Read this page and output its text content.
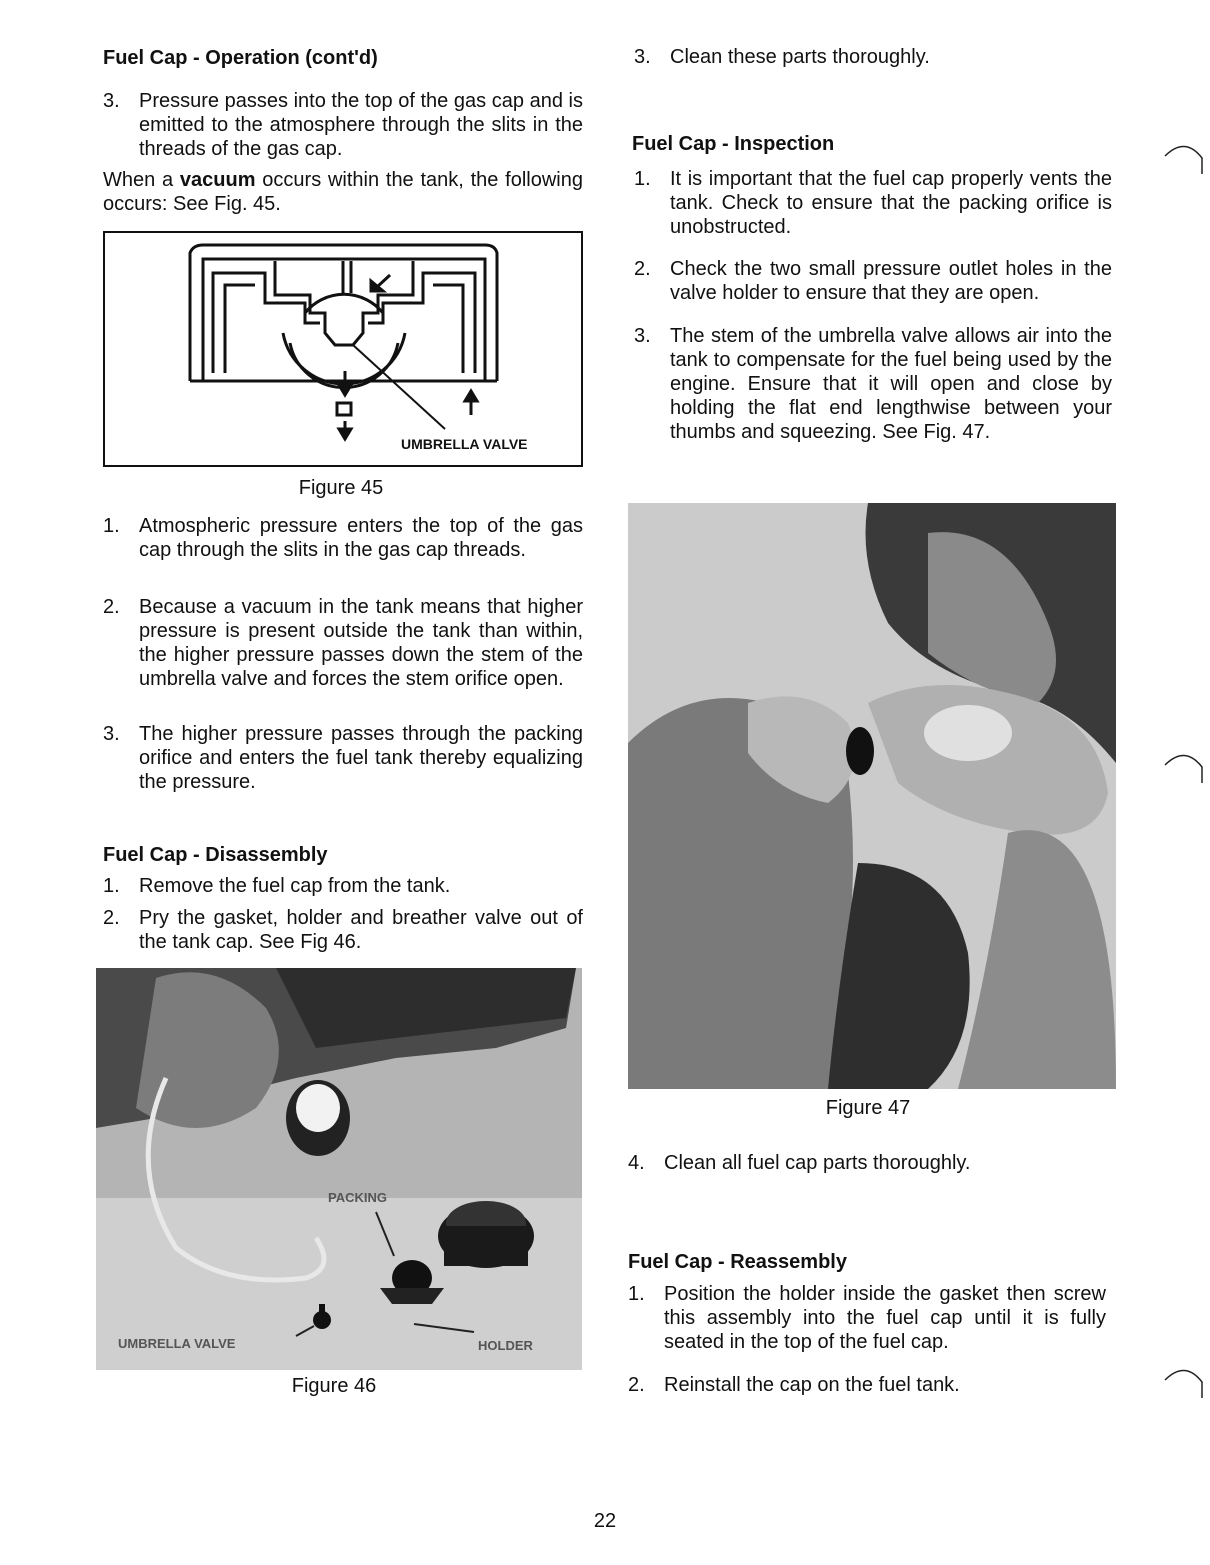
Fuel Cap - Operation (cont'd)
3. Pressure passes into the top of the gas cap and is emitted to the atmosphere through the slits in the threads of the gas cap.

When a vacuum occurs within the tank, the following occurs: See Fig. 45.

UMBRELLA VALVE
Figure 45
1. Atmospheric pressure enters the top of the gas cap through the slits in the gas cap threads.
2. Because a vacuum in the tank means that higher pressure is present outside the tank than within, the higher pressure passes down the stem of the umbrella valve and forces the stem orifice open.
3. The higher pressure passes through the packing orifice and enters the fuel tank thereby equalizing the pressure.
Fuel Cap - Disassembly
1. Remove the fuel cap from the tank.
2. Pry the gasket, holder and breather valve out of the tank cap. See Fig 46.
PACKING
UMBRELLA VALVE	HOLDER
Figure 46
3. Clean these parts thoroughly.
Fuel Cap - Inspection
1. It is important that the fuel cap properly vents the tank. Check to ensure that the packing orifice is unobstructed.
2. Check the two small pressure outlet holes in the valve holder to ensure that they are open.
3. The stem of the umbrella valve allows air into the tank to compensate for the fuel being used by the engine. Ensure that it will open and close by holding the flat end lengthwise between your thumbs and squeezing. See Fig. 47.
4. Clean all fuel cap parts thoroughly.
Fuel Cap - Reassembly
1. Position the holder inside the gasket then screw this assembly into the fuel cap until it is fully seated in the top of the fuel cap.
2. Reinstall the cap on the fuel tank.
Figure 47
22
